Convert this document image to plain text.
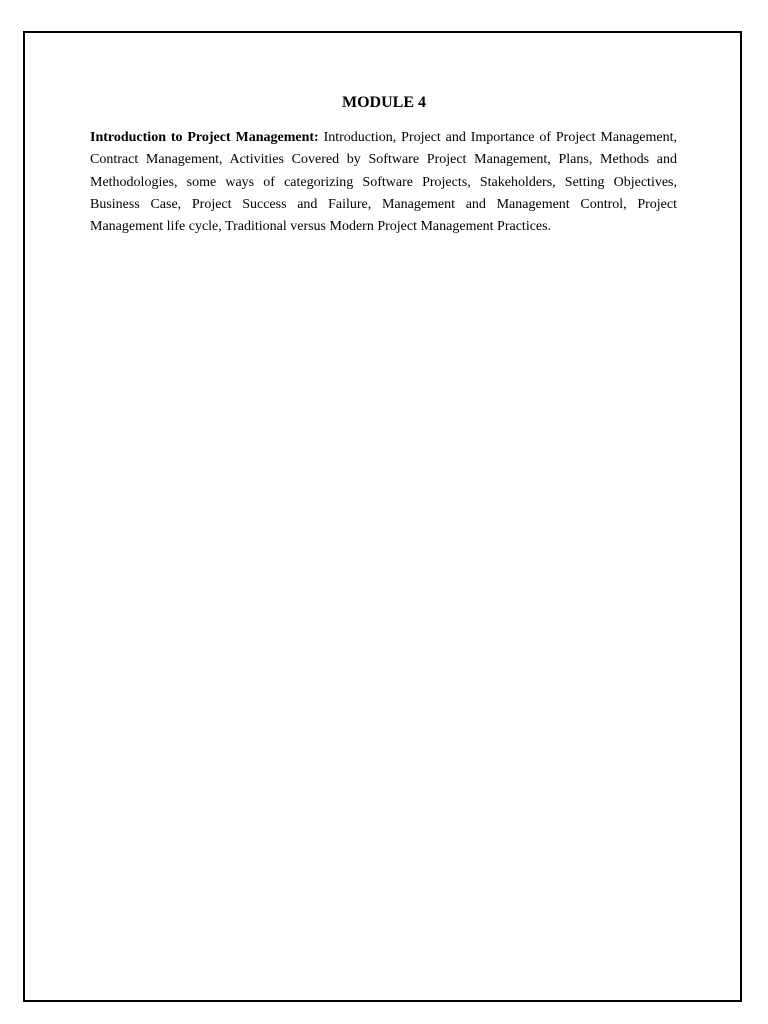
MODULE 4

Introduction to Project Management: Introduction, Project and Importance of Project Management, Contract Management, Activities Covered by Software Project Management, Plans, Methods and Methodologies, some ways of categorizing Software Projects, Stakeholders, Setting Objectives, Business Case, Project Success and Failure, Management and Management Control, Project Management life cycle, Traditional versus Modern Project Management Practices.
